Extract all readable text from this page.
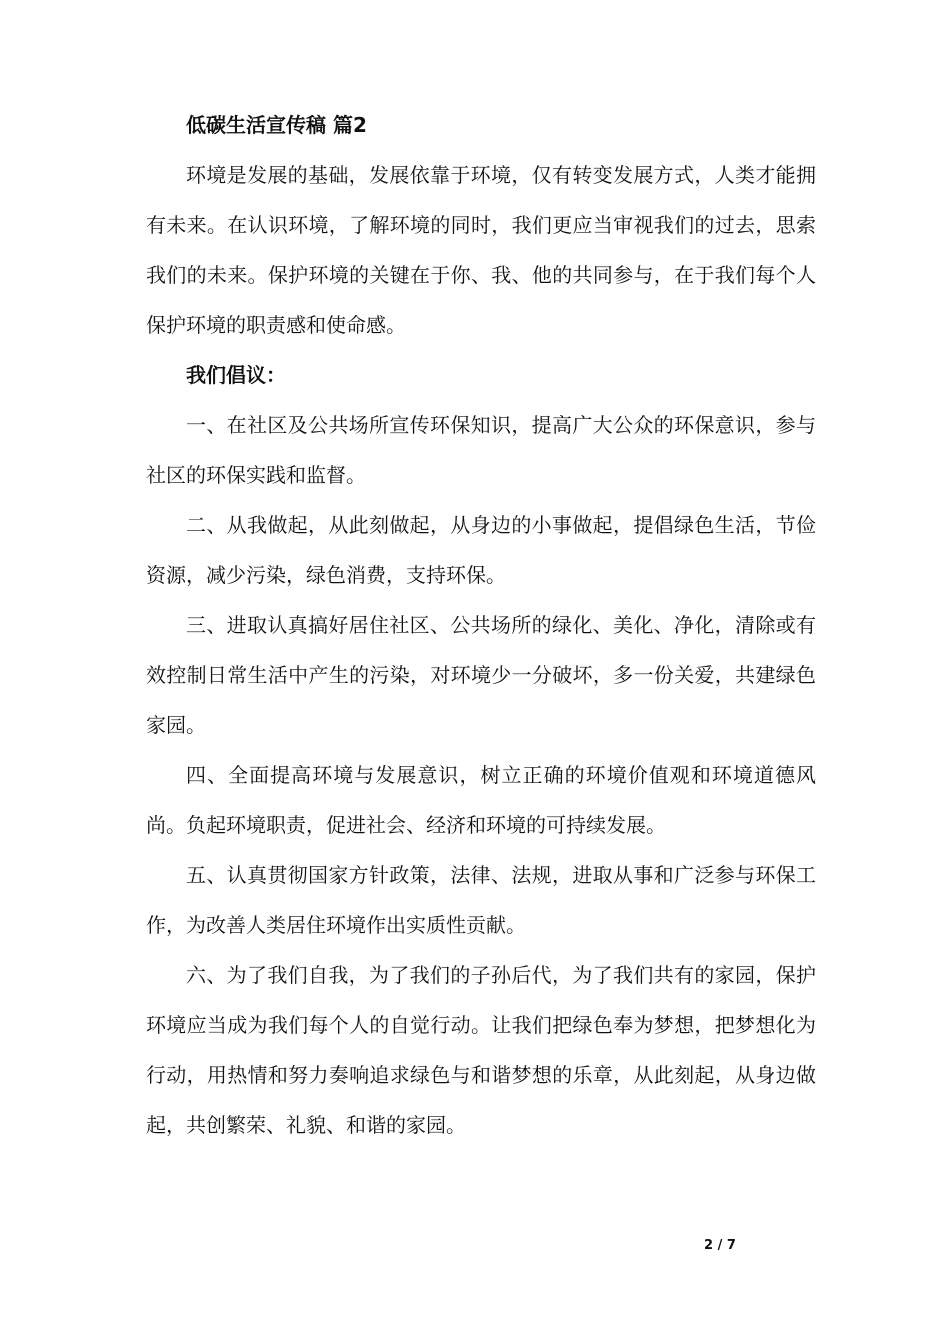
低碳生活宣传稿 篇2

环境是发展的基础，发展依靠于环境，仅有转变发展方式，人类才能拥有未来。在认识环境，了解环境的同时，我们更应当审视我们的过去，思索我们的未来。保护环境的关键在于你、我、他的共同参与，在于我们每个人保护环境的职责感和使命感。

我们倡议：

一、在社区及公共场所宣传环保知识，提高广大公众的环保意识，参与社区的环保实践和监督。

二、从我做起，从此刻做起，从身边的小事做起，提倡绿色生活，节俭资源，减少污染，绿色消费，支持环保。

三、进取认真搞好居住社区、公共场所的绿化、美化、净化，清除或有效控制日常生活中产生的污染，对环境少一分破坏，多一份关爱，共建绿色家园。

四、全面提高环境与发展意识，树立正确的环境价值观和环境道德风尚。负起环境职责，促进社会、经济和环境的可持续发展。

五、认真贯彻国家方针政策，法律、法规，进取从事和广泛参与环保工作，为改善人类居住环境作出实质性贡献。

六、为了我们自我，为了我们的子孙后代，为了我们共有的家园，保护环境应当成为我们每个人的自觉行动。让我们把绿色奉为梦想，把梦想化为行动，用热情和努力奏响追求绿色与和谐梦想的乐章，从此刻起，从身边做起，共创繁荣、礼貌、和谐的家园。

2 / 7
